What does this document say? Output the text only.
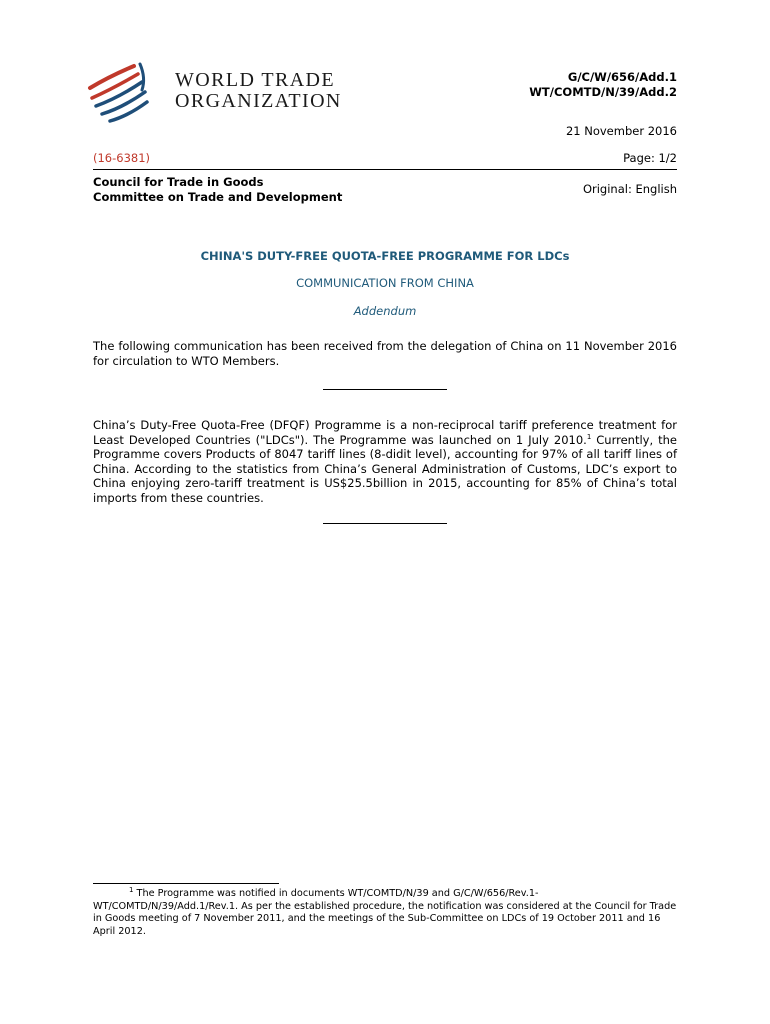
WORLD TRADE
ORGANIZATION
G/C/W/656/Add.1
WT/COMTD/N/39/Add.2
21 November 2016
(16-6381)	Page: 1/2
Council for Trade in Goods
Committee on Trade and Development
Original: English
CHINA'S DUTY-FREE QUOTA-FREE PROGRAMME FOR LDCs
COMMUNICATION FROM CHINA
Addendum
The following communication has been received from the delegation of China on 11 November 2016 for circulation to WTO Members.
China’s Duty-Free Quota-Free (DFQF) Programme is a non-reciprocal tariff preference treatment for Least Developed Countries ("LDCs"). The Programme was launched on 1 July 2010.$^1$ Currently, the Programme covers Products of 8047 tariff lines (8-didit level), accounting for 97% of all tariff lines of China. According to the statistics from China’s General Administration of Customs, LDC’s export to China enjoying zero-tariff treatment is US$25.5billion in 2015, accounting for 85% of China’s total imports from these countries.
$^1$ The Programme was notified in documents WT/COMTD/N/39 and G/C/W/656/Rev.1-WT/COMTD/N/39/Add.1/Rev.1. As per the established procedure, the notification was considered at the Council for Trade in Goods meeting of 7 November 2011, and the meetings of the Sub-Committee on LDCs of 19 October 2011 and 16 April 2012.
